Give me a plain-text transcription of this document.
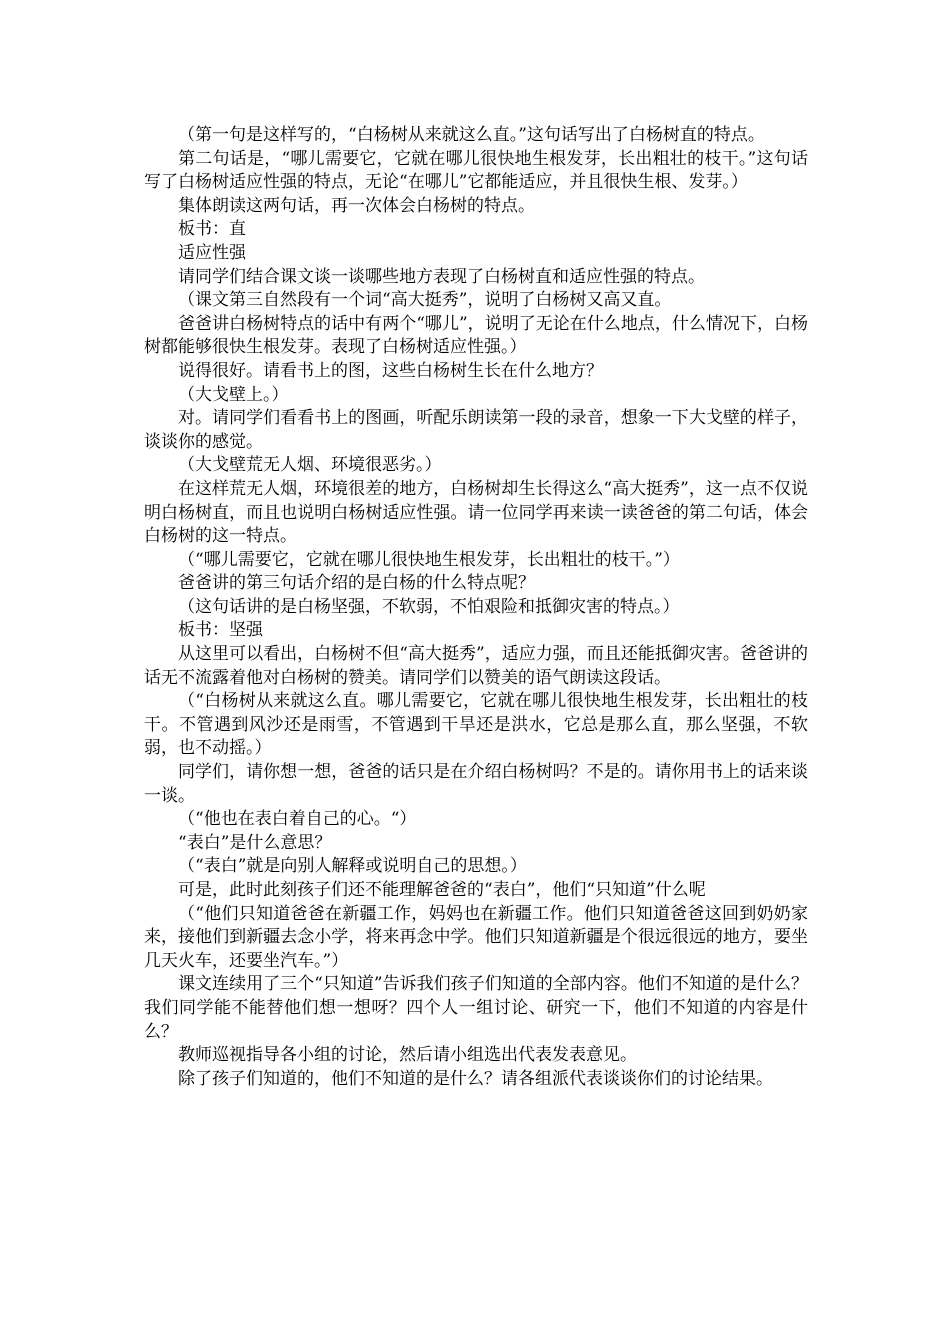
（第一句是这样写的，“白杨树从来就这么直。”这句话写出了白杨树直的特点。

第二句话是，“哪儿需要它，它就在哪儿很快地生根发芽，长出粗壮的枝干。”这句话写了白杨树适应性强的特点，无论“在哪儿”它都能适应，并且很快生根、发芽。）

集体朗读这两句话，再一次体会白杨树的特点。

板书：直

适应性强

请同学们结合课文谈一谈哪些地方表现了白杨树直和适应性强的特点。

（课文第三自然段有一个词“高大挺秀”，说明了白杨树又高又直。

爸爸讲白杨树特点的话中有两个“哪儿”，说明了无论在什么地点，什么情况下，白杨树都能够很快生根发芽。表现了白杨树适应性强。）

说得很好。请看书上的图，这些白杨树生长在什么地方？

（大戈壁上。）

对。请同学们看看书上的图画，听配乐朗读第一段的录音，想象一下大戈壁的样子，谈谈你的感觉。

（大戈壁荒无人烟、环境很恶劣。）

在这样荒无人烟，环境很差的地方，白杨树却生长得这么“高大挺秀”，这一点不仅说明白杨树直，而且也说明白杨树适应性强。请一位同学再来读一读爸爸的第二句话，体会白杨树的这一特点。

（“哪儿需要它，它就在哪儿很快地生根发芽，长出粗壮的枝干。”）

爸爸讲的第三句话介绍的是白杨的什么特点呢？

（这句话讲的是白杨坚强，不软弱，不怕艰险和抵御灾害的特点。）

板书：坚强

从这里可以看出，白杨树不但“高大挺秀”，适应力强，而且还能抵御灾害。爸爸讲的话无不流露着他对白杨树的赞美。请同学们以赞美的语气朗读这段话。

（“白杨树从来就这么直。哪儿需要它，它就在哪儿很快地生根发芽，长出粗壮的枝干。不管遇到风沙还是雨雪，不管遇到干旱还是洪水，它总是那么直，那么坚强，不软弱，也不动摇。）

同学们，请你想一想，爸爸的话只是在介绍白杨树吗？不是的。请你用书上的话来谈一谈。

（“他也在表白着自己的心。“）

“表白”是什么意思？

（“表白”就是向别人解释或说明自己的思想。）

可是，此时此刻孩子们还不能理解爸爸的“表白”，他们“只知道”什么呢

（“他们只知道爸爸在新疆工作，妈妈也在新疆工作。他们只知道爸爸这回到奶奶家来，接他们到新疆去念小学，将来再念中学。他们只知道新疆是个很远很远的地方，要坐几天火车，还要坐汽车。”）

课文连续用了三个“只知道”告诉我们孩子们知道的全部内容。他们不知道的是什么？我们同学能不能替他们想一想呀？四个人一组讨论、研究一下，他们不知道的内容是什么？

教师巡视指导各小组的讨论，然后请小组选出代表发表意见。

除了孩子们知道的，他们不知道的是什么？请各组派代表谈谈你们的讨论结果。
